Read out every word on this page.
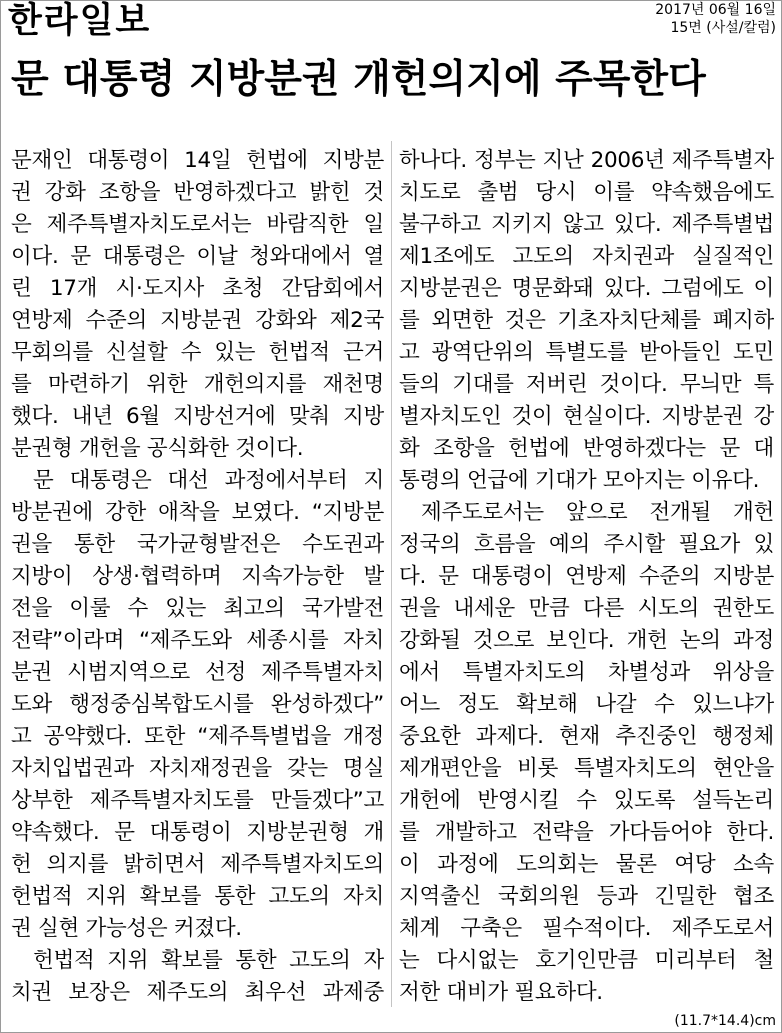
한라일보	2017년 06월 16일
15면 (사설/칼럼)
문 대통령 지방분권 개헌의지에 주목한다
문재인 대통령이 14일 헌법에 지방분
권 강화 조항을 반영하겠다고 밝힌 것
은 제주특별자치도로서는 바람직한 일
이다. 문 대통령은 이날 청와대에서 열
린 17개 시·도지사 초청 간담회에서
연방제 수준의 지방분권 강화와 제2국
무회의를 신설할 수 있는 헌법적 근거
를 마련하기 위한 개헌의지를 재천명
했다. 내년 6월 지방선거에 맞춰 지방
분권형 개헌을 공식화한 것이다.
문 대통령은 대선 과정에서부터 지
방분권에 강한 애착을 보였다. “지방분
권을 통한 국가균형발전은 수도권과
지방이 상생·협력하며 지속가능한 발
전을 이룰 수 있는 최고의 국가발전
전략”이라며 “제주도와 세종시를 자치
분권 시범지역으로 선정 제주특별자치
도와 행정중심복합도시를 완성하겠다”
고 공약했다. 또한 “제주특별법을 개정
자치입법권과 자치재정권을 갖는 명실
상부한 제주특별자치도를 만들겠다”고
약속했다. 문 대통령이 지방분권형 개
헌 의지를 밝히면서 제주특별자치도의
헌법적 지위 확보를 통한 고도의 자치
권 실현 가능성은 커졌다.
헌법적 지위 확보를 통한 고도의 자
치권 보장은 제주도의 최우선 과제중
하나다. 정부는 지난 2006년 제주특별자
치도로 출범 당시 이를 약속했음에도
불구하고 지키지 않고 있다. 제주특별법
제1조에도 고도의 자치권과 실질적인
지방분권은 명문화돼 있다. 그럼에도 이
를 외면한 것은 기초자치단체를 폐지하
고 광역단위의 특별도를 받아들인 도민
들의 기대를 저버린 것이다. 무늬만 특
별자치도인 것이 현실이다. 지방분권 강
화 조항을 헌법에 반영하겠다는 문 대
통령의 언급에 기대가 모아지는 이유다.
제주도로서는 앞으로 전개될 개헌
정국의 흐름을 예의 주시할 필요가 있
다. 문 대통령이 연방제 수준의 지방분
권을 내세운 만큼 다른 시도의 권한도
강화될 것으로 보인다. 개헌 논의 과정
에서 특별자치도의 차별성과 위상을
어느 정도 확보해 나갈 수 있느냐가
중요한 과제다. 현재 추진중인 행정체
제개편안을 비롯 특별자치도의 현안을
개헌에 반영시킬 수 있도록 설득논리
를 개발하고 전략을 가다듬어야 한다.
이 과정에 도의회는 물론 여당 소속
지역출신 국회의원 등과 긴밀한 협조
체계 구축은 필수적이다. 제주도로서
는 다시없는 호기인만큼 미리부터 철
저한 대비가 필요하다.
(11.7*14.4)cm
